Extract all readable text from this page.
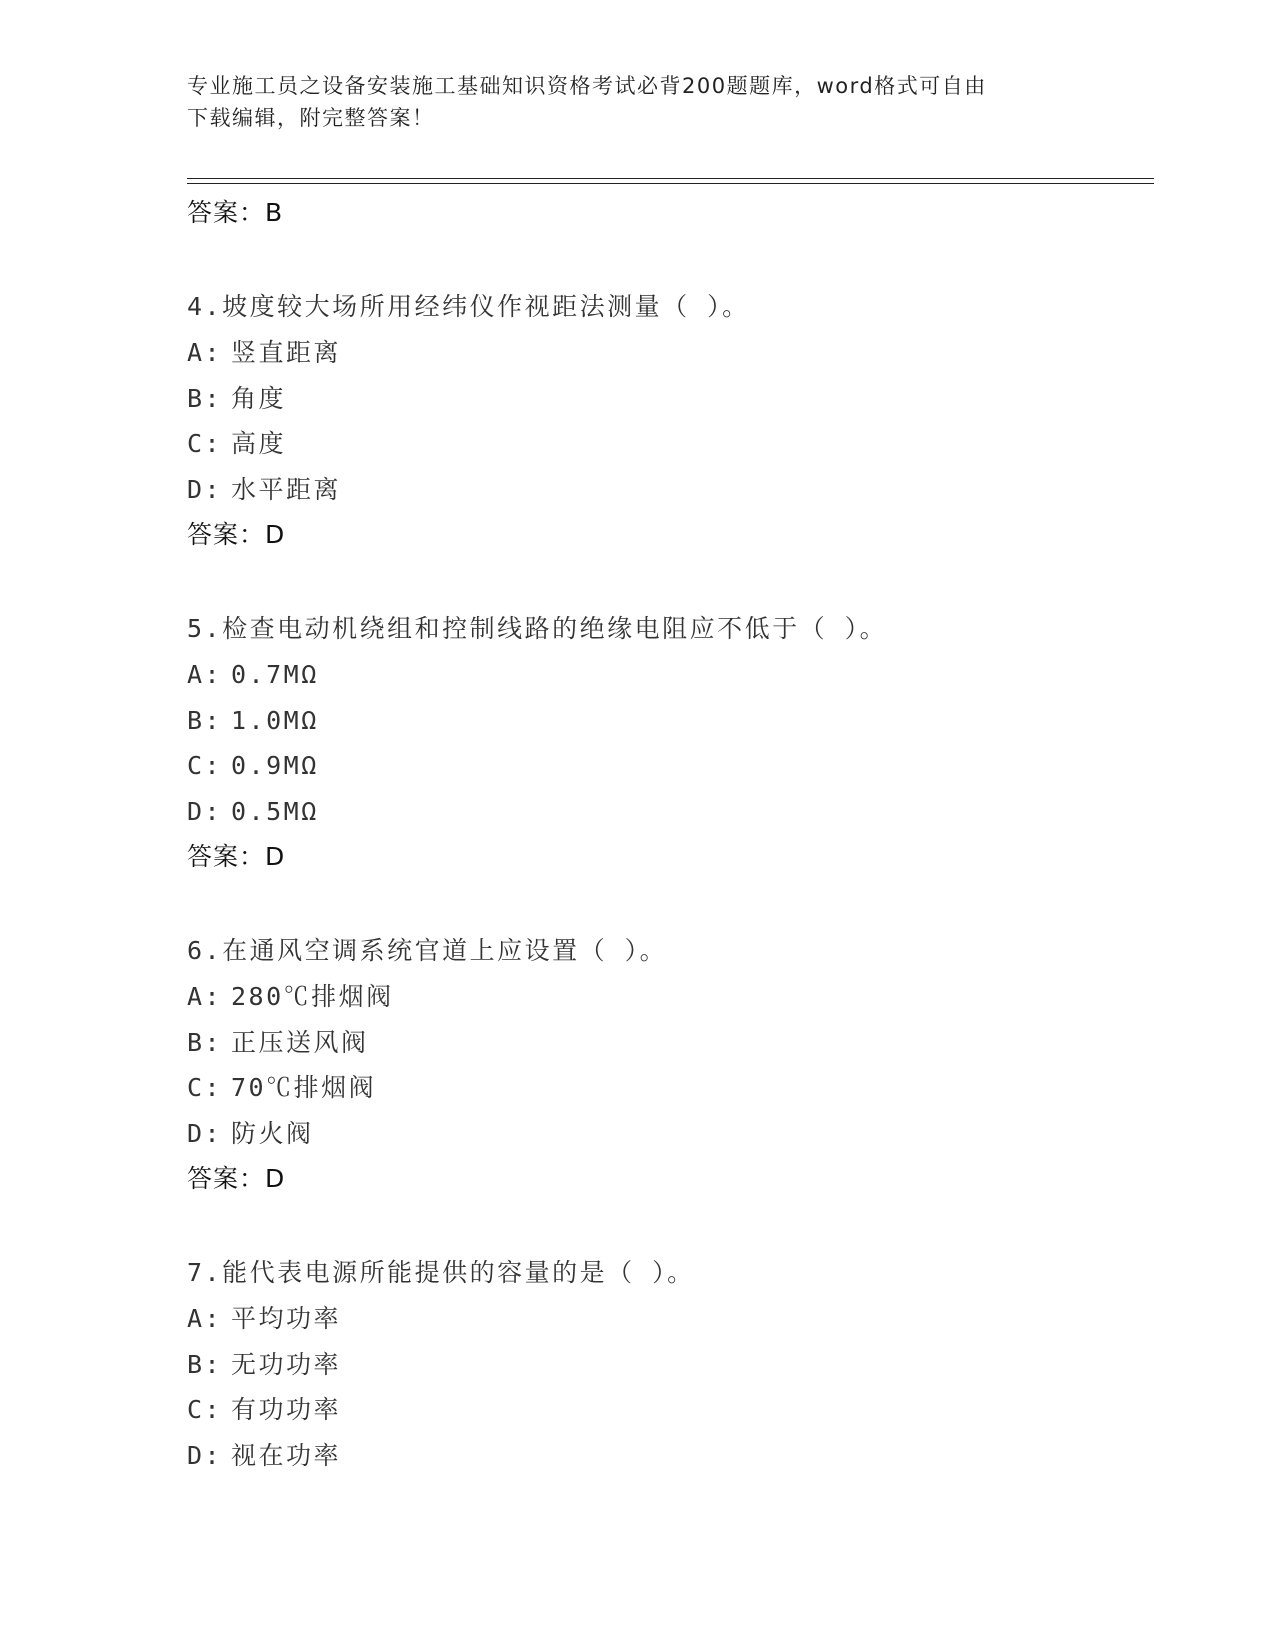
专业施工员之设备安装施工基础知识资格考试必背200题题库，word格式可自由
下载编辑，附完整答案！
答案：B
4.坡度较大场所用经纬仪作视距法测量（ ）。
A: 竖直距离
B: 角度
C: 高度
D: 水平距离
答案：D
5.检查电动机绕组和控制线路的绝缘电阻应不低于（ ）。
A: 0.7MΩ
B: 1.0MΩ
C: 0.9MΩ
D: 0.5MΩ
答案：D
6.在通风空调系统官道上应设置（ ）。
A: 280℃排烟阀
B: 正压送风阀
C: 70℃排烟阀
D: 防火阀
答案：D
7.能代表电源所能提供的容量的是（ ）。
A: 平均功率
B: 无功功率
C: 有功功率
D: 视在功率
